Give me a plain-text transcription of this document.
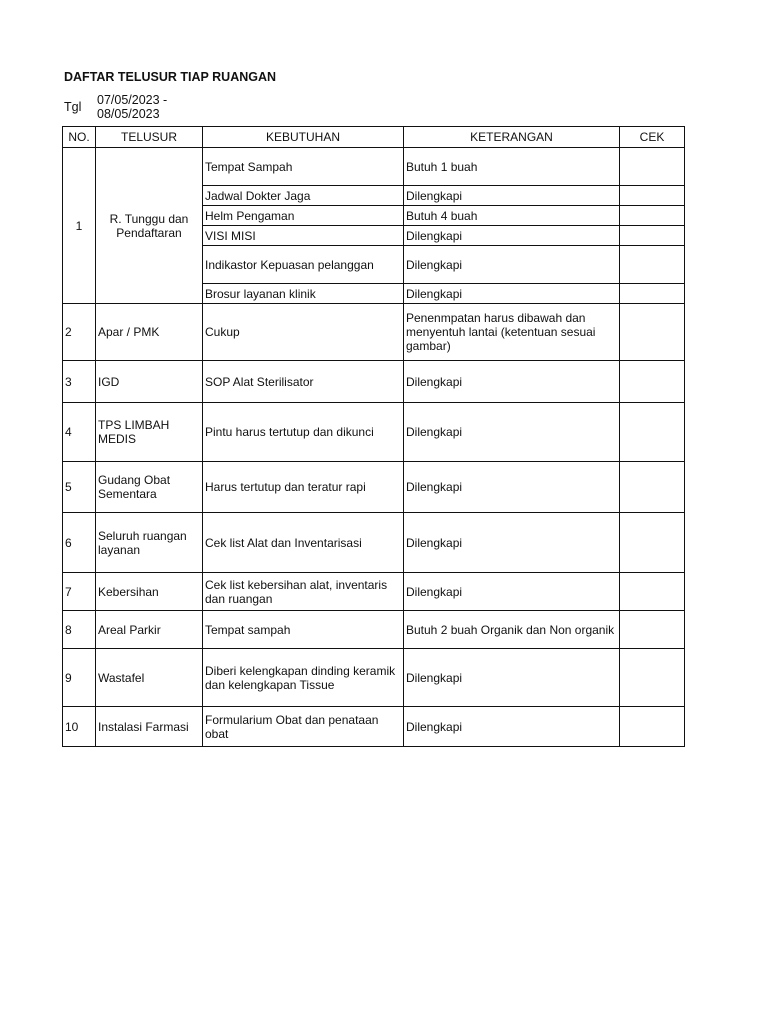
DAFTAR TELUSUR TIAP RUANGAN
Tgl 07/05/2023 - 08/05/2023
NO.	TELUSUR	KEBUTUHAN	KETERANGAN	CEK
1	R. Tunggu dan Pendaftaran	Tempat Sampah	Butuh 1 buah	
		Jadwal Dokter Jaga	Dilengkapi	
		Helm Pengaman	Butuh 4 buah	
		VISI MISI	Dilengkapi	
		Indikastor Kepuasan pelanggan	Dilengkapi	
		Brosur layanan klinik	Dilengkapi	
2	Apar / PMK	Cukup	Penenmpatan harus dibawah dan menyentuh lantai (ketentuan sesuai gambar)	
3	IGD	SOP Alat Sterilisator	Dilengkapi	
4	TPS LIMBAH MEDIS	Pintu harus tertutup dan dikunci	Dilengkapi	
5	Gudang Obat Sementara	Harus tertutup dan teratur rapi	Dilengkapi	
6	Seluruh ruangan layanan	Cek list Alat dan Inventarisasi	Dilengkapi	
7	Kebersihan	Cek list kebersihan alat, inventaris dan ruangan	Dilengkapi	
8	Areal Parkir	Tempat sampah	Butuh 2 buah Organik dan Non organik	
9	Wastafel	Diberi kelengkapan dinding keramik dan kelengkapan Tissue	Dilengkapi	
10	Instalasi Farmasi	Formularium Obat dan penataan obat	Dilengkapi	
